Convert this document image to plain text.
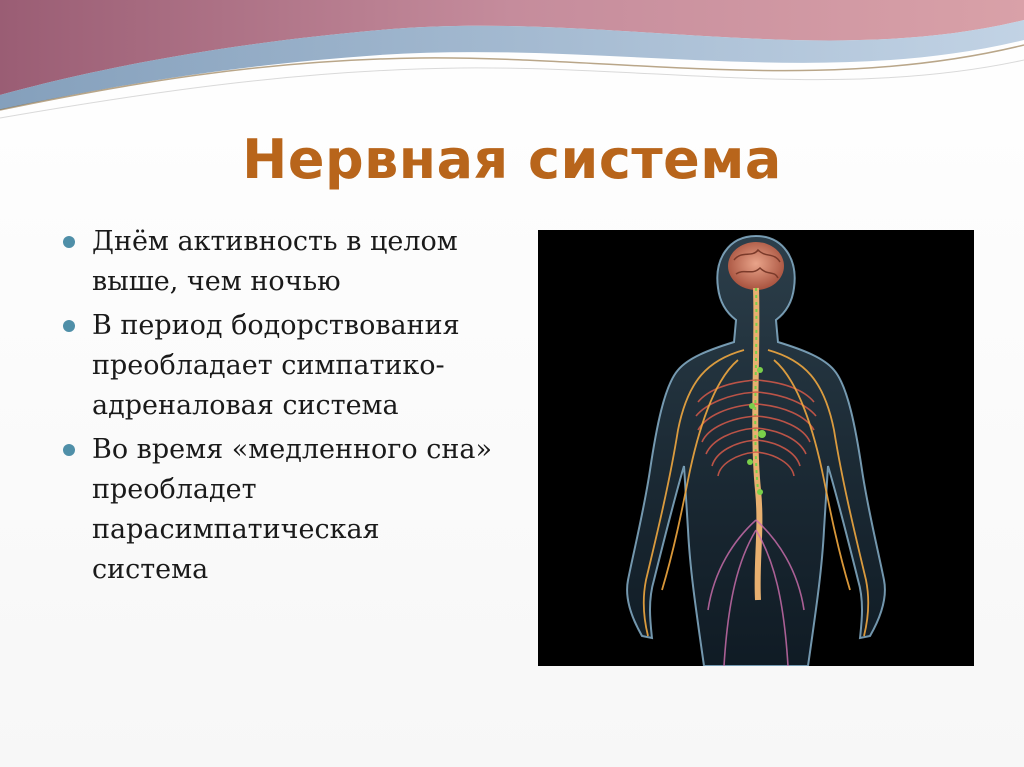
Нервная система
Днём активность в целом выше, чем ночью
В период бодорствования преобладает симпатико-адреналовая система
Во время «медленного сна» преобладет парасимпатическая система
